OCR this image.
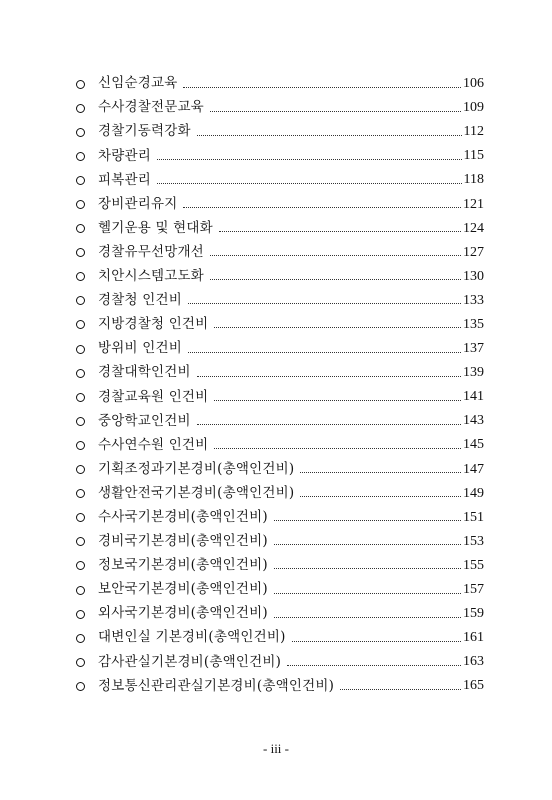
신임순경교육	106
수사경찰전문교육	109
경찰기동력강화	112
차량관리	115
피복관리	118
장비관리유지	121
헬기운용 및 현대화	124
경찰유무선망개선	127
치안시스템고도화	130
경찰청 인건비	133
지방경찰청 인건비	135
방위비 인건비	137
경찰대학인건비	139
경찰교육원 인건비	141
중앙학교인건비	143
수사연수원 인건비	145
기획조정과기본경비(총액인건비)	147
생활안전국기본경비(총액인건비)	149
수사국기본경비(총액인건비)	151
경비국기본경비(총액인건비)	153
정보국기본경비(총액인건비)	155
보안국기본경비(총액인건비)	157
외사국기본경비(총액인건비)	159
대변인실 기본경비(총액인건비)	161
감사관실기본경비(총액인건비)	163
정보통신관리관실기본경비(총액인건비)	165
- iii -
